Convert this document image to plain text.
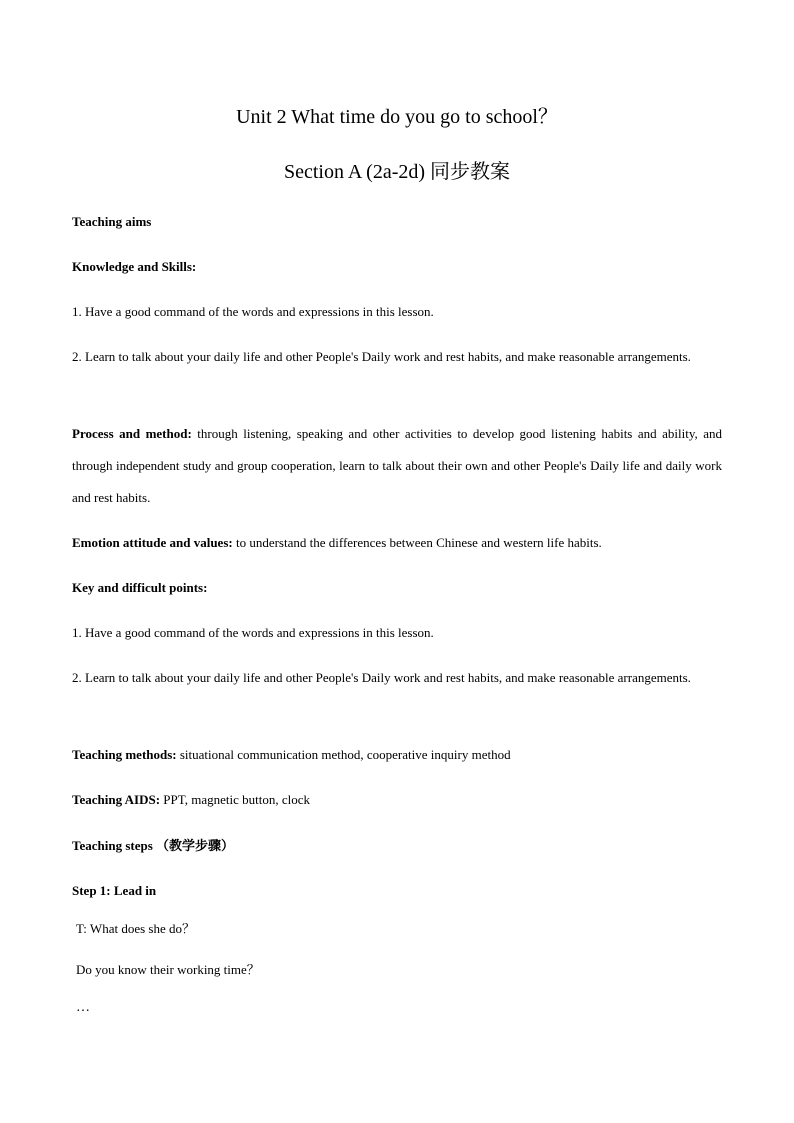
Unit 2 What time do you go to school？
Section A (2a-2d) 同步教案
Teaching aims
Knowledge and Skills:
1. Have a good command of the words and expressions in this lesson.
2. Learn to talk about your daily life and other People's Daily work and rest habits, and make reasonable arrangements.
Process and method: through listening, speaking and other activities to develop good listening habits and ability, and through independent study and group cooperation, learn to talk about their own and other People's Daily life and daily work and rest habits.
Emotion attitude and values: to understand the differences between Chinese and western life habits.
Key and difficult points:
1. Have a good command of the words and expressions in this lesson.
2. Learn to talk about your daily life and other People's Daily work and rest habits, and make reasonable arrangements.
Teaching methods: situational communication method, cooperative inquiry method
Teaching AIDS: PPT, magnetic button, clock
Teaching steps （教学步骤）
Step 1: Lead in
T: What does she do？
Do you know their working time？
…
